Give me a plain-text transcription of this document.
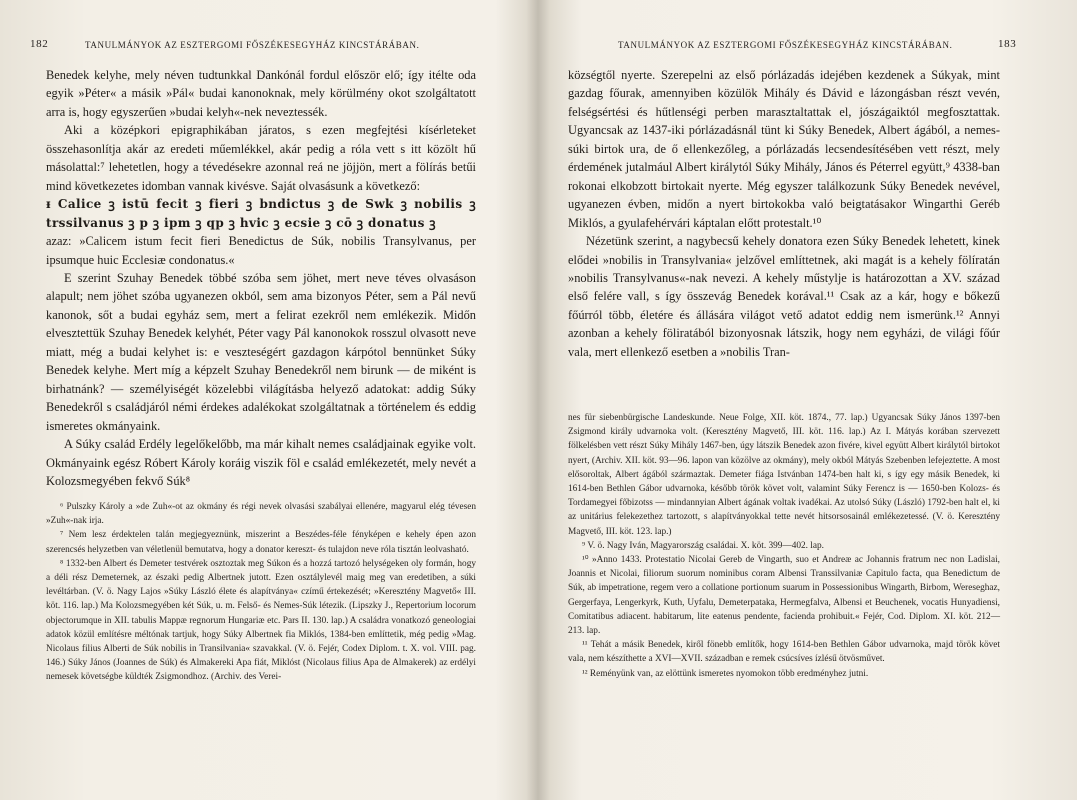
182	TANULMÁNYOK AZ ESZTERGOMI FŐSZÉKESEGYHÁZ KINCSTÁRÁBAN.

Benedek kelyhe, mely néven tudtunkkal Dankónál fordul először elő; így itélte oda egyik »Péter« a másik »Pál« budai kanonoknak, mely körülmény okot szolgáltatott arra is, hogy egyszerűen »budai kelyh«-nek neveztessék.

Aki a középkori epigraphikában járatos, s ezen megfejtési kísérleteket összehasonlítja akár az eredeti műemlékkel, akár pedig a róla vett s itt közölt hű másolattal:⁷ lehetetlen, hogy a tévedésekre azonnal reá ne jöjjön, mert a fölírás betűi mind következetes idomban vannak kivésve. Saját olvasásunk a következő:

ᵻ Calice ꝫ istū fecit ꝫ fieri ꝫ bndictus ꝫ de Swk ꝫ nobilis ꝫ trssilvanus ꝫ p ꝫ ipm ꝫ qp ꝫ hvic ꝫ ecsie ꝫ cō ꝫ donatus ꝫ

azaz: »Calicem istum fecit fieri Benedictus de Súk, nobilis Transylvanus, per ipsumque huic Ecclesiæ condonatus.«

E szerint Szuhay Benedek többé szóba sem jöhet, mert neve téves olvasáson alapult; nem jöhet szóba ugyanezen okból, sem ama bizonyos Péter, sem a Pál nevű kanonok, sőt a budai egyház sem, mert a felirat ezekről nem emlékezik. Midőn elvesztettük Szuhay Benedek kelyhét, Péter vagy Pál kanonokok rosszul olvasott neve miatt, még a budai kelyhet is: e veszteségért gazdagon kárpótol bennünket Súky Benedek kelyhe. Mert míg a képzelt Szuhay Benedekről nem birunk — de miként is birhatnánk? — személyiségét közelebbi világításba helyező adatokat: addig Súky Benedekről s családjáról némi érdekes adalékokat szolgáltatnak a történelem és eddig ismeretes okmányaink.

A Súky család Erdély legelőkelőbb, ma már kihalt nemes családjainak egyike volt. Okmányaink egész Róbert Károly koráig viszik föl e család emlékezetét, mely nevét a Kolozsmegyében fekvő Súk⁸

⁶ Pulszky Károly a »de Zuh«-ot az okmány és régi nevek olvasási szabályai ellenére, magyarul elég tévesen »Zuh«-nak irja.

⁷ Nem lesz érdektelen talán megjegyeznünk, miszerint a Beszédes-féle fényképen e kehely épen azon szerencsés helyzetben van véletlenül bemutatva, hogy a donator kereszt- és tulajdon neve róla tisztán leolvasható.

⁸ 1332-ben Albert és Demeter testvérek osztoztak meg Súkon és a hozzá tartozó helységeken oly formán, hogy a déli rész Demeternek, az északi pedig Albertnek jutott. Ezen osztálylevél maig meg van eredetiben, a súki levéltárban. (V. ö. Nagy Lajos »Súky László élete és alapítványa« czímű értekezését; »Keresztény Magvető« III. köt. 116. lap.) Ma Kolozsmegyében két Súk, u. m. Felső- és Nemes-Súk létezik. (Lipszky J., Repertorium locorum objectorumque in XII. tabulis Mappæ regnorum Hungariæ etc. Pars II. 130. lap.) A családra vonatkozó geneologiai adatok közül említésre méltónak tartjuk, hogy Súky Albertnek fia Miklós, 1384-ben említtetik, még pedig »Mag. Nicolaus filius Alberti de Súk nobilis in Transilvania« szavakkal. (V. ö. Fejér, Codex Diplom. t. X. vol. VIII. pag. 146.) Súky János (Joannes de Súk) és Almakereki Apa fiát, Miklóst (Nicolaus filius Apa de Almakerek) az erdélyi nemesek követségbe küldték Zsigmondhoz. (Archiv. des Verei-

TANULMÁNYOK AZ ESZTERGOMI FŐSZÉKESEGYHÁZ KINCSTÁRÁBAN.	183

községtől nyerte. Szerepelni az első pórlázadás idejében kezdenek a Súkyak, mint gazdag főurak, amennyiben közülök Mihály és Dávid e lázongásban részt vevén, felségsértési és hűtlenségi perben marasztaltattak el, jószágaiktól megfosztattak. Ugyancsak az 1437-iki pórlázadásnál tünt ki Súky Benedek, Albert ágából, a nemes-súki birtok ura, de ő ellenkezőleg, a pórlázadás lecsendesítésében vett részt, mely érdemének jutalmául Albert királytól Súky Mihály, János és Péterrel együtt,⁹ 4338-ban rokonai elkobzott birtokait nyerte. Még egyszer találkozunk Súky Benedek nevével, ugyanezen évben, midőn a nyert birtokokba való beigtatásakor Wingarthi Geréb Miklós, a gyulafehérvári káptalan előtt protestalt.¹⁰

Nézetünk szerint, a nagybecsű kehely donatora ezen Súky Benedek lehetett, kinek elődei »nobilis in Transylvania« jelzővel említtetnek, aki magát is a kehely fölíratán »nobilis Transylvanus«-nak nevezi. A kehely műstylje is határozottan a XV. század első felére vall, s így összevág Benedek korával.¹¹ Csak az a kár, hogy e bőkezű főúrról több, életére és állására világot vető adatot eddig nem ismerünk.¹² Annyi azonban a kehely föliratából bizonyosnak látszik, hogy nem egyházi, de világi főúr vala, mert ellenkező esetben a »nobilis Tran-

nes für siebenbürgische Landeskunde. Neue Folge, XII. köt. 1874., 77. lap.) Ugyancsak Súky János 1397-ben Zsigmond király udvarnoka volt. (Keresztény Magvető, III. köt. 116. lap.) Az I. Mátyás korában szervezett fölkelésben vett részt Súky Mihály 1467-ben, úgy látszik Benedek azon fivére, kivel együtt Albert királytól birtokot nyert, (Archiv. XII. köt. 93—96. lapon van közölve az okmány), mely okból Mátyás Szebenben lefejeztette. A most elősoroltak, Albert ágából származtak. Demeter fiága Istvánban 1474-ben halt ki, s így egy másik Benedek, ki 1614-ben Bethlen Gábor udvarnoka, később török követ volt, valamint Súky Ferencz is — 1650-ben Kolozs- és Tordamegyei főbizotss — mindannyian Albert ágának voltak ivadékai. Az utolsó Súky (László) 1792-ben halt el, ki az unitárius felekezethez tartozott, s alapítványokkal tette nevét hitsorsosainál emlékezetessé. (V. ö. Keresztény Magvető, III. köt. 123. lap.)

⁹ V. ö. Nagy Iván, Magyarország családai. X. köt. 399—402. lap.

¹⁰ »Anno 1433. Protestatio Nicolai Gereb de Vingarth, suo et Andreæ ac Johannis fratrum nec non Ladislai, Joannis et Nicolai, filiorum suorum nominibus coram Albensi Transsilvaniæ Capitulo facta, qua Benedictum de Súk, ab impetratione, regem vero a collatione portionum suarum in Possessionibus Wingarth, Birbom, Wereseghaz, Gergerfaya, Lengerkyrk, Kuth, Uyfalu, Demeterpataka, Hermegfalva, Albensi et Beuchenek, vocatis Hunyadiensi, Comitatibus adiacent. habitarum, lite eatenus pendente, facienda prohibuit.« Fejér, Cod. Diplom. XI. köt. 212—213. lap.

¹¹ Tehát a másik Benedek, kiről fönebb említők, hogy 1614-ben Bethlen Gábor udvarnoka, majd török követ vala, nem készíthette a XVI—XVII. században e remek csúcsíves ízlésű ötvösművet.

¹² Reményünk van, az elöttünk ismeretes nyomokon több eredményhez jutni.
